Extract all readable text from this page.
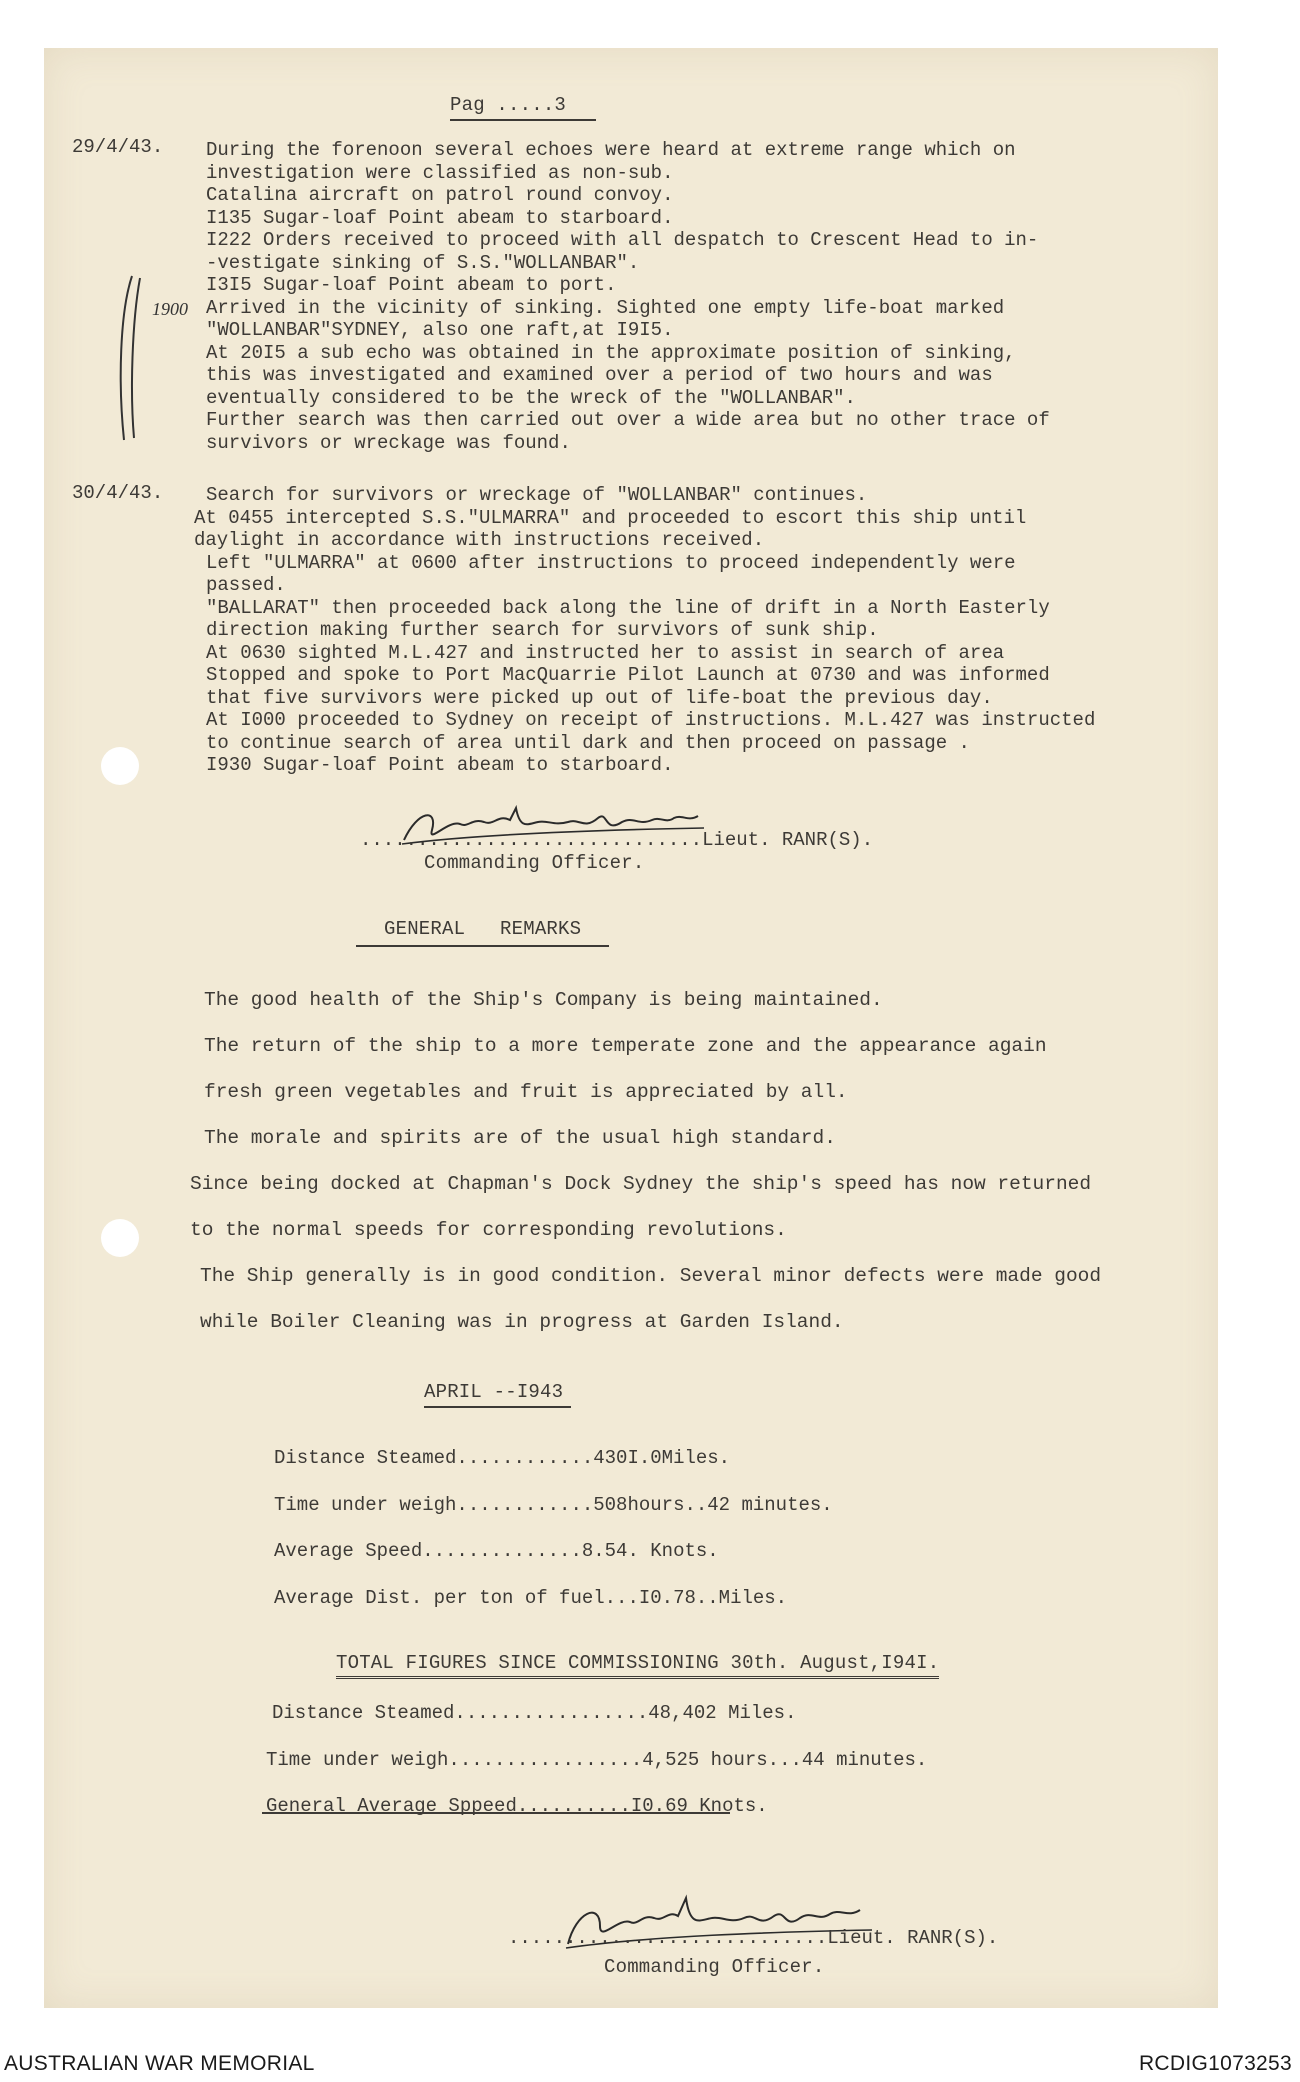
Pag .....3
1900
29/4/43. During the forenoon several echoes were heard at extreme range which on
investigation were classified as non-sub.
Catalina aircraft on patrol round convoy.
I135 Sugar-loaf Point abeam to starboard.
I222 Orders received to proceed with all despatch to Crescent Head to in-
-vestigate sinking of S.S."WOLLANBAR".
I3I5 Sugar-loaf Point abeam to port.
Arrived in the vicinity of sinking. Sighted one empty life-boat marked
"WOLLANBAR"SYDNEY, also one raft,at I9I5.
At 20I5 a sub echo was obtained in the approximate position of sinking,
this was investigated and examined over a period of two hours and was
eventually considered to be the wreck of the "WOLLANBAR".
Further search was then carried out over a wide area but no other trace of
survivors or wreckage was found.
30/4/43. Search for survivors or wreckage of "WOLLANBAR" continues.
At 0455 intercepted S.S."ULMARRA" and proceeded to escort this ship until
daylight in accordance with instructions received.
Left "ULMARRA" at 0600 after instructions to proceed independently were
passed.
"BALLARAT" then proceeded back along the line of drift in a North Easterly
direction making further search for survivors of sunk ship.
At 0630 sighted M.L.427 and instructed her to assist in search of area
Stopped and spoke to Port MacQuarrie Pilot Launch at 0730 and was informed
that five survivors were picked up out of life-boat the previous day.
At I000 proceeded to Sydney on receipt of instructions. M.L.427 was instructed
to continue search of area until dark and then proceed on passage .
I930 Sugar-loaf Point abeam to starboard.
..............................Lieut. RANR(S).
Commanding Officer.
GENERAL   REMARKS
The good health of the Ship's Company is being maintained.
The return of the ship to a more temperate zone and the appearance again
fresh green vegetables and fruit is appreciated by all.
The morale and spirits are of the usual high standard.
Since being docked at Chapman's Dock Sydney the ship's speed has now returned
to the normal speeds for corresponding revolutions.
The Ship generally is in good condition. Several minor defects were made good
while Boiler Cleaning was in progress at Garden Island.
APRIL --I943
Distance Steamed............430I.0Miles.
Time under weigh............508hours..42 minutes.
Average Speed..............8.54. Knots.
Average Dist. per ton of fuel...I0.78..Miles.
TOTAL FIGURES SINCE COMMISSIONING 30th. August,I94I.
Distance Steamed.................48,402 Miles.
Time under weigh.................4,525 hours...44 minutes.
General Average Sppeed..........I0.69 Knots.
............................Lieut. RANR(S).
Commanding Officer.
AUSTRALIAN WAR MEMORIAL	RCDIG1073253
